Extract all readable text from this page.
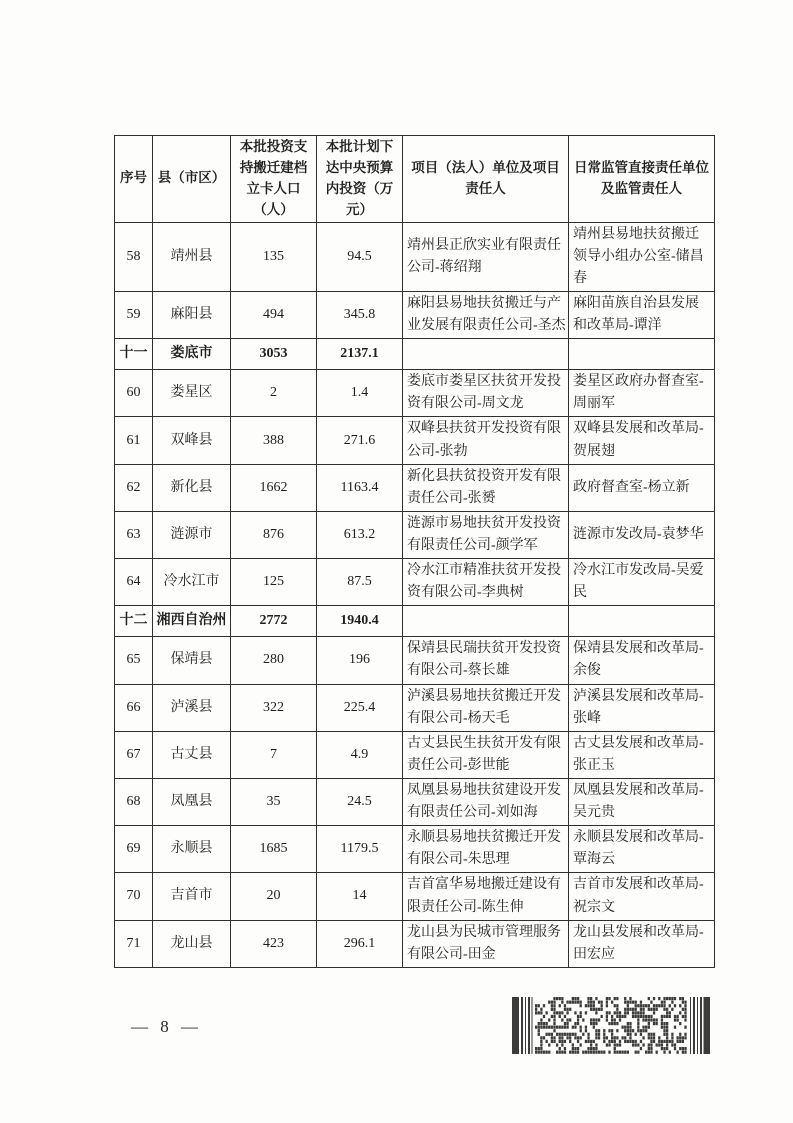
序号	县（市区）	本批投资支持搬迁建档立卡人口（人）	本批计划下达中央预算内投资（万元）	项目（法人）单位及项目责任人	日常监管直接责任单位及监管责任人
58	靖州县	135	94.5	靖州县正欣实业有限责任公司-蒋绍翔	靖州县易地扶贫搬迁领导小组办公室-储昌春
59	麻阳县	494	345.8	麻阳县易地扶贫搬迁与产业发展有限责任公司-圣杰	麻阳苗族自治县发展和改革局-谭洋
十一	娄底市	3053	2137.1		
60	娄星区	2	1.4	娄底市娄星区扶贫开发投资有限公司-周文龙	娄星区政府办督查室-周丽军
61	双峰县	388	271.6	双峰县扶贫开发投资有限公司-张勃	双峰县发展和改革局-贺展翅
62	新化县	1662	1163.4	新化县扶贫投资开发有限责任公司-张赟	政府督查室-杨立新
63	涟源市	876	613.2	涟源市易地扶贫开发投资有限责任公司-颜学军	涟源市发改局-袁梦华
64	冷水江市	125	87.5	冷水江市精准扶贫开发投资有限公司-李典树	冷水江市发改局-吴爱民
十二	湘西自治州	2772	1940.4		
65	保靖县	280	196	保靖县民瑞扶贫开发投资有限公司-蔡长雄	保靖县发展和改革局-余俊
66	泸溪县	322	225.4	泸溪县易地扶贫搬迁开发有限公司-杨天毛	泸溪县发展和改革局-张峰
67	古丈县	7	4.9	古丈县民生扶贫开发有限责任公司-彭世能	古丈县发展和改革局-张正玉
68	凤凰县	35	24.5	凤凰县易地扶贫建设开发有限责任公司-刘如海	凤凰县发展和改革局-吴元贵
69	永顺县	1685	1179.5	永顺县易地扶贫搬迁开发有限公司-朱思理	永顺县发展和改革局-覃海云
70	吉首市	20	14	吉首富华易地搬迁建设有限责任公司-陈生伸	吉首市发展和改革局-祝宗文
71	龙山县	423	296.1	龙山县为民城市管理服务有限公司-田金	龙山县发展和改革局-田宏应
— 8 —
